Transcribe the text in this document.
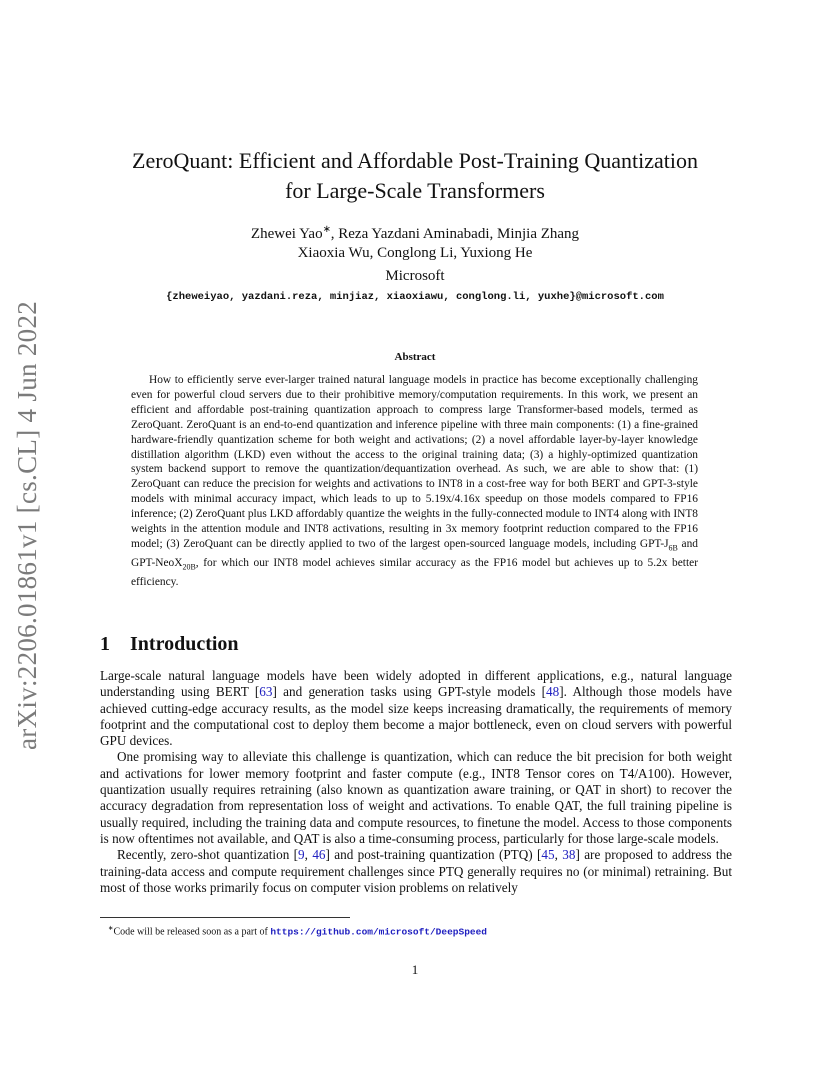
arXiv:2206.01861v1 [cs.CL] 4 Jun 2022
ZeroQuant: Efficient and Affordable Post-Training Quantization
for Large-Scale Transformers
Zhewei Yao∗, Reza Yazdani Aminabadi, Minjia Zhang
Xiaoxia Wu, Conglong Li, Yuxiong He
Microsoft
{zheweiyao, yazdani.reza, minjiaz, xiaoxiawu, conglong.li, yuxhe}@microsoft.com
Abstract

How to efficiently serve ever-larger trained natural language models in practice has become exceptionally challenging even for powerful cloud servers due to their prohibitive memory/computation requirements. In this work, we present an efficient and affordable post-training quantization approach to compress large Transformer-based models, termed as ZeroQuant. ZeroQuant is an end-to-end quantization and inference pipeline with three main components: (1) a fine-grained hardware-friendly quantization scheme for both weight and activations; (2) a novel affordable layer-by-layer knowledge distillation algorithm (LKD) even without the access to the original training data; (3) a highly-optimized quantization system backend support to remove the quantization/dequantization overhead. As such, we are able to show that: (1) ZeroQuant can reduce the precision for weights and activations to INT8 in a cost-free way for both BERT and GPT-3-style models with minimal accuracy impact, which leads to up to 5.19x/4.16x speedup on those models compared to FP16 inference; (2) ZeroQuant plus LKD affordably quantize the weights in the fully-connected module to INT4 along with INT8 weights in the attention module and INT8 activations, resulting in 3x memory footprint reduction compared to the FP16 model; (3) ZeroQuant can be directly applied to two of the largest open-sourced language models, including GPT-$J_{6B}$ and GPT-NeoX$_{20B}$, for which our INT8 model achieves similar accuracy as the FP16 model but achieves up to 5.2x better efficiency.

1 Introduction

Large-scale natural language models have been widely adopted in different applications, e.g., natural language understanding using BERT [63] and generation tasks using GPT-style models [48]. Although those models have achieved cutting-edge accuracy results, as the model size keeps increasing dramatically, the requirements of memory footprint and the computational cost to deploy them become a major bottleneck, even on cloud servers with powerful GPU devices.

One promising way to alleviate this challenge is quantization, which can reduce the bit precision for both weight and activations for lower memory footprint and faster compute (e.g., INT8 Tensor cores on T4/A100). However, quantization usually requires retraining (also known as quantization aware training, or QAT in short) to recover the accuracy degradation from representation loss of weight and activations. To enable QAT, the full training pipeline is usually required, including the training data and compute resources, to finetune the model. Access to those components is now oftentimes not available, and QAT is also a time-consuming process, particularly for those large-scale models.

Recently, zero-shot quantization [9, 46] and post-training quantization (PTQ) [45, 38] are proposed to address the training-data access and compute requirement challenges since PTQ generally requires no (or minimal) retraining. But most of those works primarily focus on computer vision problems on relatively

∗Code will be released soon as a part of https://github.com/microsoft/DeepSpeed
1
